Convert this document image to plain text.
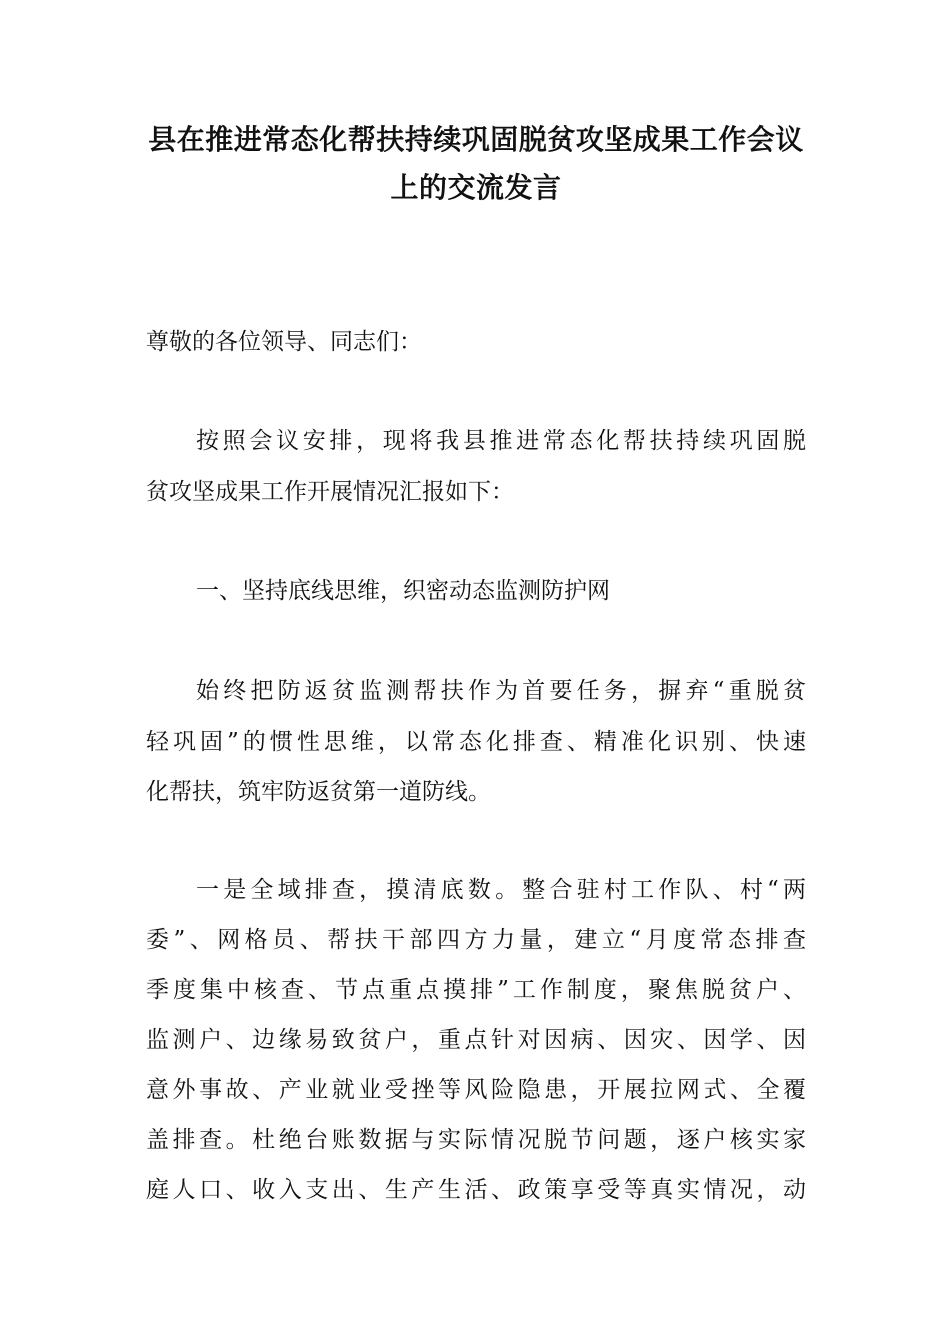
县在推进常态化帮扶持续巩固脱贫攻坚成果工作会议
上的交流发言

尊敬的各位领导、同志们：

按照会议安排，现将我县推进常态化帮扶持续巩固脱

贫攻坚成果工作开展情况汇报如下：

一、坚持底线思维，织密动态监测防护网

始终把防返贫监测帮扶作为首要任务，摒弃“重脱贫

轻巩固”的惯性思维，以常态化排查、精准化识别、快速

化帮扶，筑牢防返贫第一道防线。

一是全域排查，摸清底数。整合驻村工作队、村“两

委”、网格员、帮扶干部四方力量，建立“月度常态排查

季度集中核查、节点重点摸排”工作制度，聚焦脱贫户、

监测户、边缘易致贫户，重点针对因病、因灾、因学、因

意外事故、产业就业受挫等风险隐患，开展拉网式、全覆

盖排查。杜绝台账数据与实际情况脱节问题，逐户核实家

庭人口、收入支出、生产生活、政策享受等真实情况，动
